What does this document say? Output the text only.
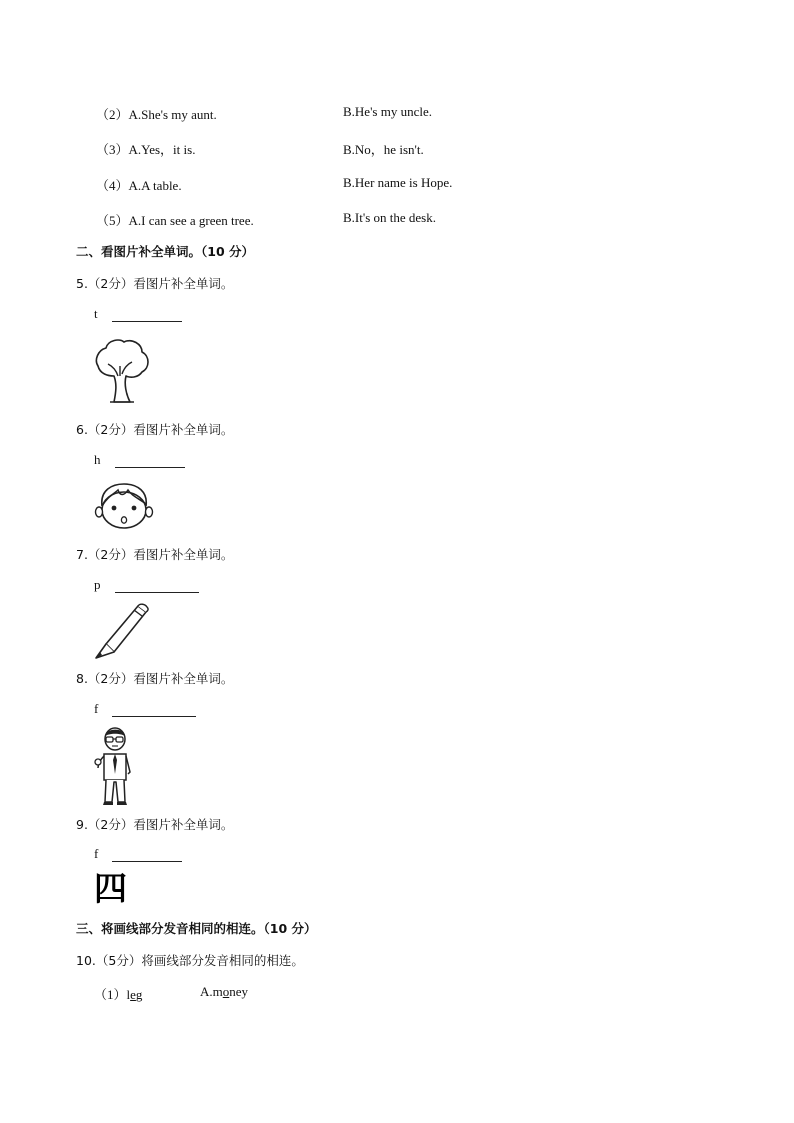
（2）A.She's my aunt.	B.He's my uncle.
（3）A.Yes，it is.	B.No，he isn't.
（4）A.A table.	B.Her name is Hope.
（5）A.I can see a green tree.	B.It's on the desk.
二、看图片补全单词。（10 分）
5.（2分）看图片补全单词。
t
6.（2分）看图片补全单词。
h
7.（2分）看图片补全单词。
p
8.（2分）看图片补全单词。
f
9.（2分）看图片补全单词。
f
四
三、将画线部分发音相同的相连。（10 分）
10.（5分）将画线部分发音相同的相连。
（1）leg	A.money
